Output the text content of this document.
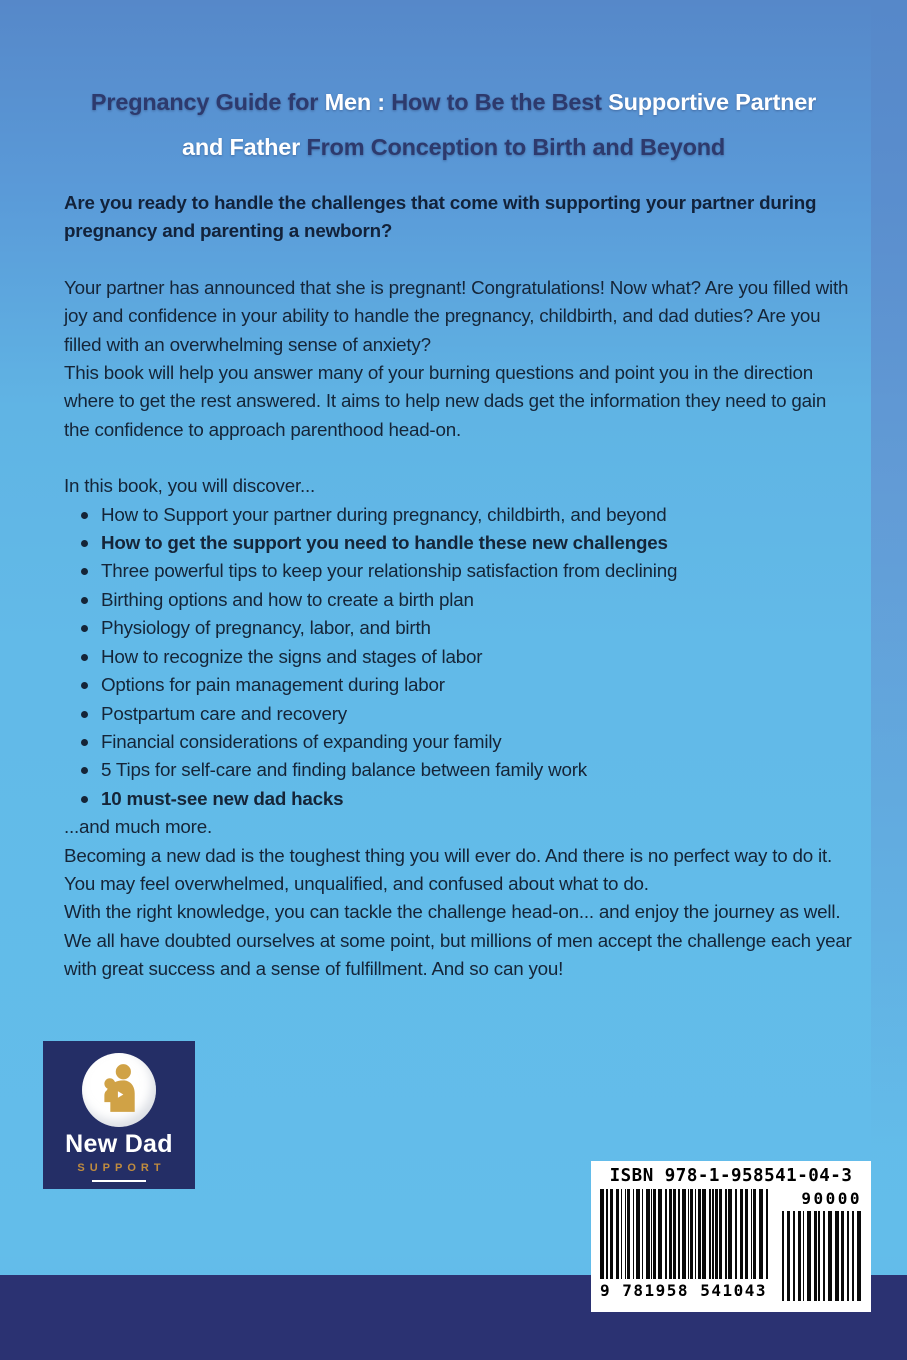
Pregnancy Guide for Men : How to Be the Best Supportive Partner
and Father From Conception to Birth and Beyond

Are you ready to handle the challenges that come with supporting your partner during pregnancy and parenting a newborn?

Your partner has announced that she is pregnant! Congratulations! Now what? Are you filled with joy and confidence in your ability to handle the pregnancy, childbirth, and dad duties? Are you filled with an overwhelming sense of anxiety?

This book will help you answer many of your burning questions and point you in the direction where to get the rest answered. It aims to help new dads get the information they need to gain the confidence to approach parenthood head-on.

In this book, you will discover...

How to Support your partner during pregnancy, childbirth, and beyond
How to get the support you need to handle these new challenges
Three powerful tips to keep your relationship satisfaction from declining
Birthing options and how to create a birth plan
Physiology of pregnancy, labor, and birth
How to recognize the signs and stages of labor
Options for pain management during labor
Postpartum care and recovery
Financial considerations of expanding your family
5 Tips for self-care and finding balance between family work
10 must-see new dad hacks

...and much more.

Becoming a new dad is the toughest thing you will ever do. And there is no perfect way to do it. You may feel overwhelmed, unqualified, and confused about what to do.

With the right knowledge, you can tackle the challenge head-on... and enjoy the journey as well.

We all have doubted ourselves at some point, but millions of men accept the challenge each year with great success and a sense of fulfillment. And so can you!

New Dad
SUPPORT	ISBN 978-1-958541-04-3
9 781958 541043
90000
